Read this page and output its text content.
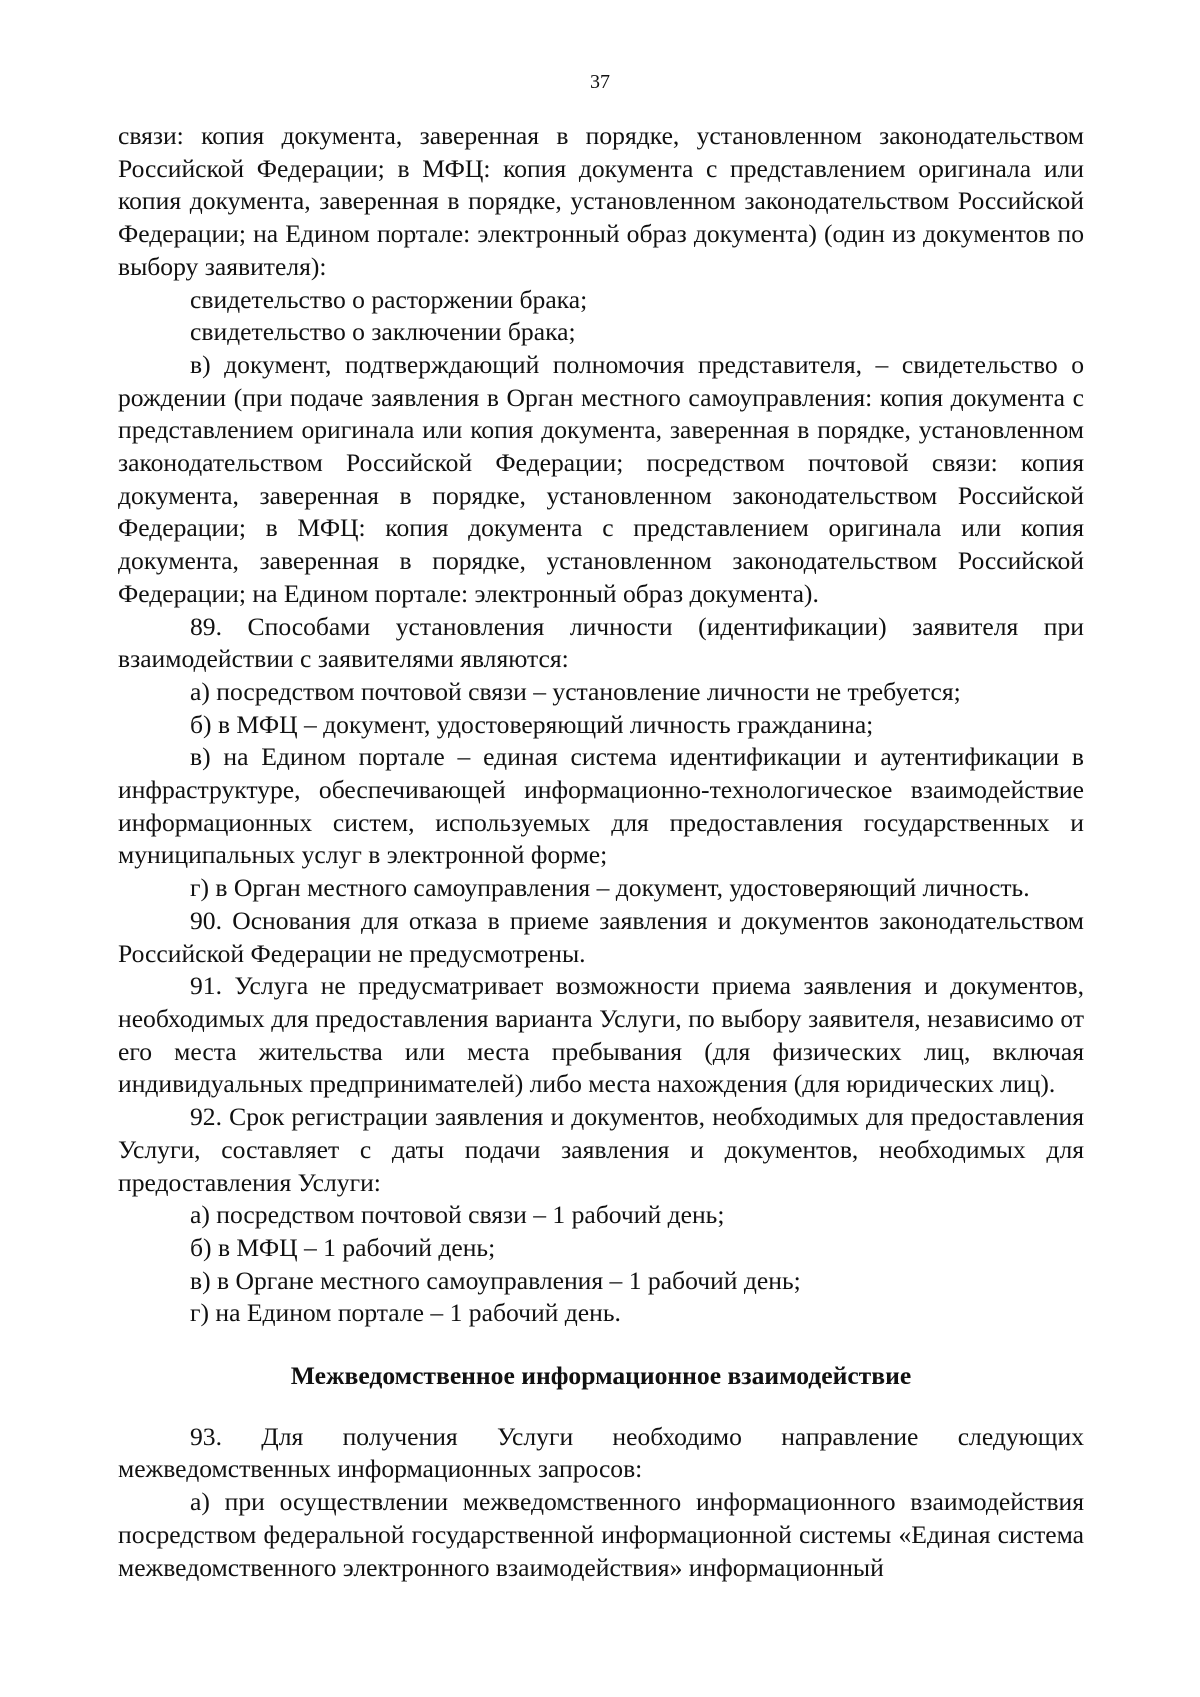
37

связи: копия документа, заверенная в порядке, установленном законодательством Российской Федерации; в МФЦ: копия документа с представлением оригинала или копия документа, заверенная в порядке, установленном законодательством Российской Федерации; на Едином портале: электронный образ документа) (один из документов по выбору заявителя):

свидетельство о расторжении брака;

свидетельство о заключении брака;

в) документ, подтверждающий полномочия представителя, – свидетельство о рождении (при подаче заявления в Орган местного самоуправления: копия документа с представлением оригинала или копия документа, заверенная в порядке, установленном законодательством Российской Федерации; посредством почтовой связи: копия документа, заверенная в порядке, установленном законодательством Российской Федерации; в МФЦ: копия документа с представлением оригинала или копия документа, заверенная в порядке, установленном законодательством Российской Федерации; на Едином портале: электронный образ документа).

89. Способами установления личности (идентификации) заявителя при взаимодействии с заявителями являются:

а) посредством почтовой связи – установление личности не требуется;

б) в МФЦ – документ, удостоверяющий личность гражданина;

в) на Едином портале – единая система идентификации и аутентификации в инфраструктуре, обеспечивающей информационно-технологическое взаимодействие информационных систем, используемых для предоставления государственных и муниципальных услуг в электронной форме;

г) в Орган местного самоуправления – документ, удостоверяющий личность.

90. Основания для отказа в приеме заявления и документов законодательством Российской Федерации не предусмотрены.

91. Услуга не предусматривает возможности приема заявления и документов, необходимых для предоставления варианта Услуги, по выбору заявителя, независимо от его места жительства или места пребывания (для физических лиц, включая индивидуальных предпринимателей) либо места нахождения (для юридических лиц).

92. Срок регистрации заявления и документов, необходимых для предоставления Услуги, составляет с даты подачи заявления и документов, необходимых для предоставления Услуги:

а) посредством почтовой связи – 1 рабочий день;

б) в МФЦ – 1 рабочий день;

в) в Органе местного самоуправления – 1 рабочий день;

г) на Едином портале – 1 рабочий день.

Межведомственное информационное взаимодействие

93. Для получения Услуги необходимо направление следующих межведомственных информационных запросов:

а) при осуществлении межведомственного информационного взаимодействия посредством федеральной государственной информационной системы «Единая система межведомственного электронного взаимодействия» информационный
